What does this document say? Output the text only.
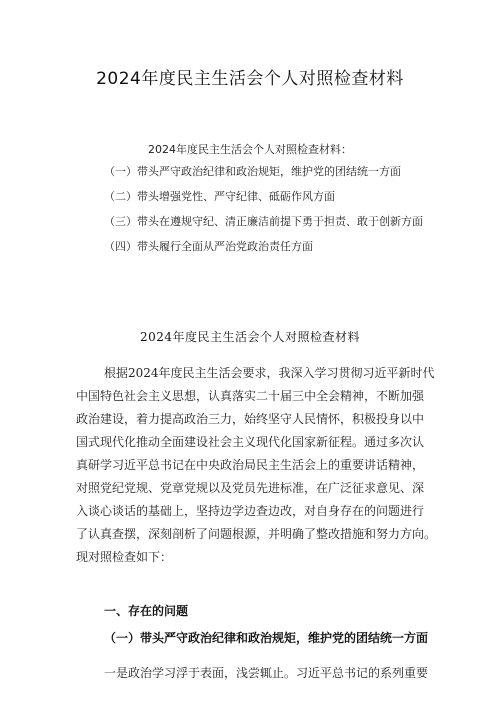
2024年度民主生活会个人对照检查材料
2024年度民主生活会个人对照检查材料：
（一）带头严守政治纪律和政治规矩，维护党的团结统一方面
（二）带头增强党性、严守纪律、砥砺作风方面
（三）带头在遵规守纪、清正廉洁前提下勇于担责、敢于创新方面
（四）带头履行全面从严治党政治责任方面
2024年度民主生活会个人对照检查材料
根据2024年度民主生活会要求，我深入学习贯彻习近平新时代
中国特色社会主义思想，认真落实二十届三中全会精神，不断加强
政治建设，着力提高政治三力，始终坚守人民情怀，积极投身以中
国式现代化推动全面建设社会主义现代化国家新征程。通过多次认
真研学习近平总书记在中央政治局民主生活会上的重要讲话精神，
对照党纪党规、党章党规以及党员先进标准，在广泛征求意见、深
入谈心谈话的基础上，坚持边学边查边改，对自身存在的问题进行
了认真查摆，深刻剖析了问题根源，并明确了整改措施和努力方向。
现对照检查如下：
一、存在的问题
（一）带头严守政治纪律和政治规矩，维护党的团结统一方面
一是政治学习浮于表面，浅尝辄止。习近平总书记的系列重要
